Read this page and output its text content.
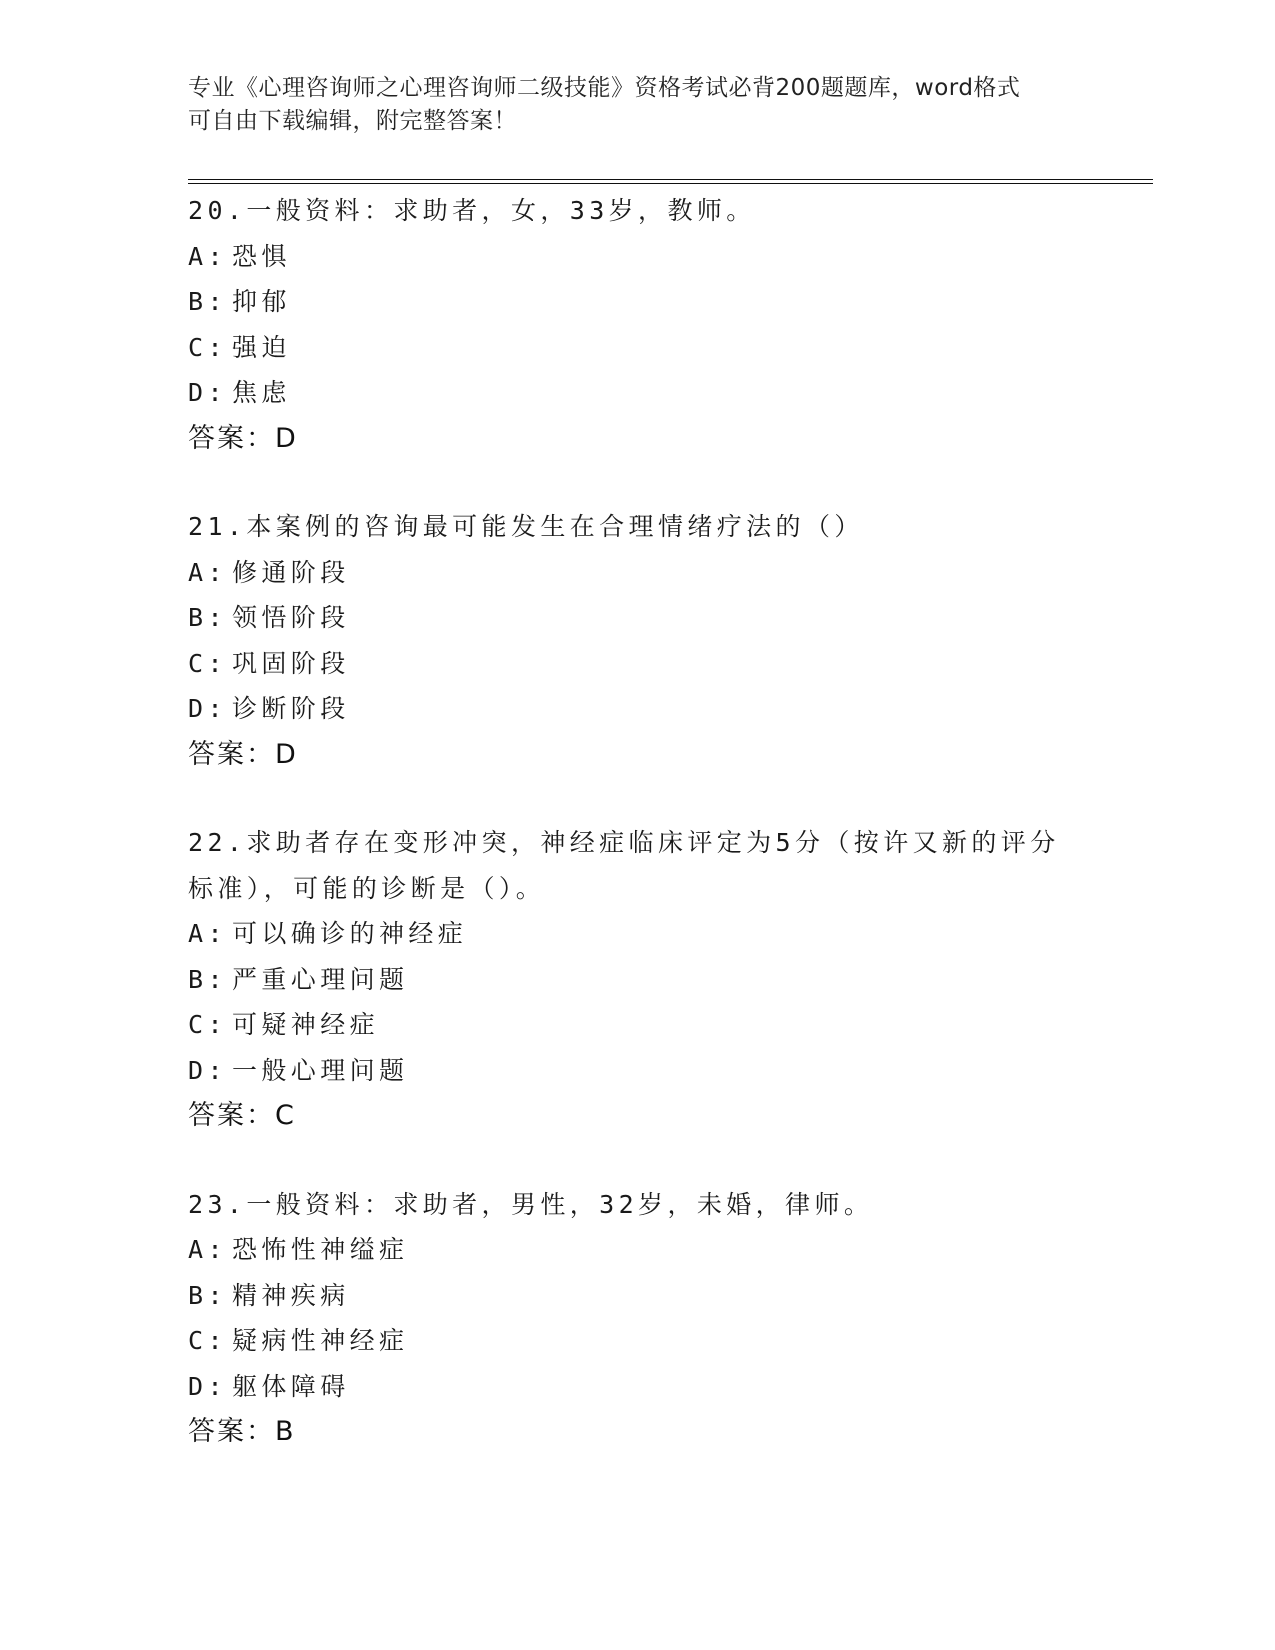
专业《心理咨询师之心理咨询师二级技能》资格考试必背200题题库，word格式
可自由下载编辑，附完整答案！
20.一般资料：求助者，女，33岁，教师。
A: 恐惧
B: 抑郁
C: 强迫
D: 焦虑
答案：D
21.本案例的咨询最可能发生在合理情绪疗法的（）
A: 修通阶段
B: 领悟阶段
C: 巩固阶段
D: 诊断阶段
答案：D
22.求助者存在变形冲突，神经症临床评定为5分（按许又新的评分标准），可能的诊断是（）。
A: 可以确诊的神经症
B: 严重心理问题
C: 可疑神经症
D: 一般心理问题
答案：C
23.一般资料：求助者，男性，32岁，未婚，律师。
A: 恐怖性神缢症
B: 精神疾病
C: 疑病性神经症
D: 躯体障碍
答案：B
